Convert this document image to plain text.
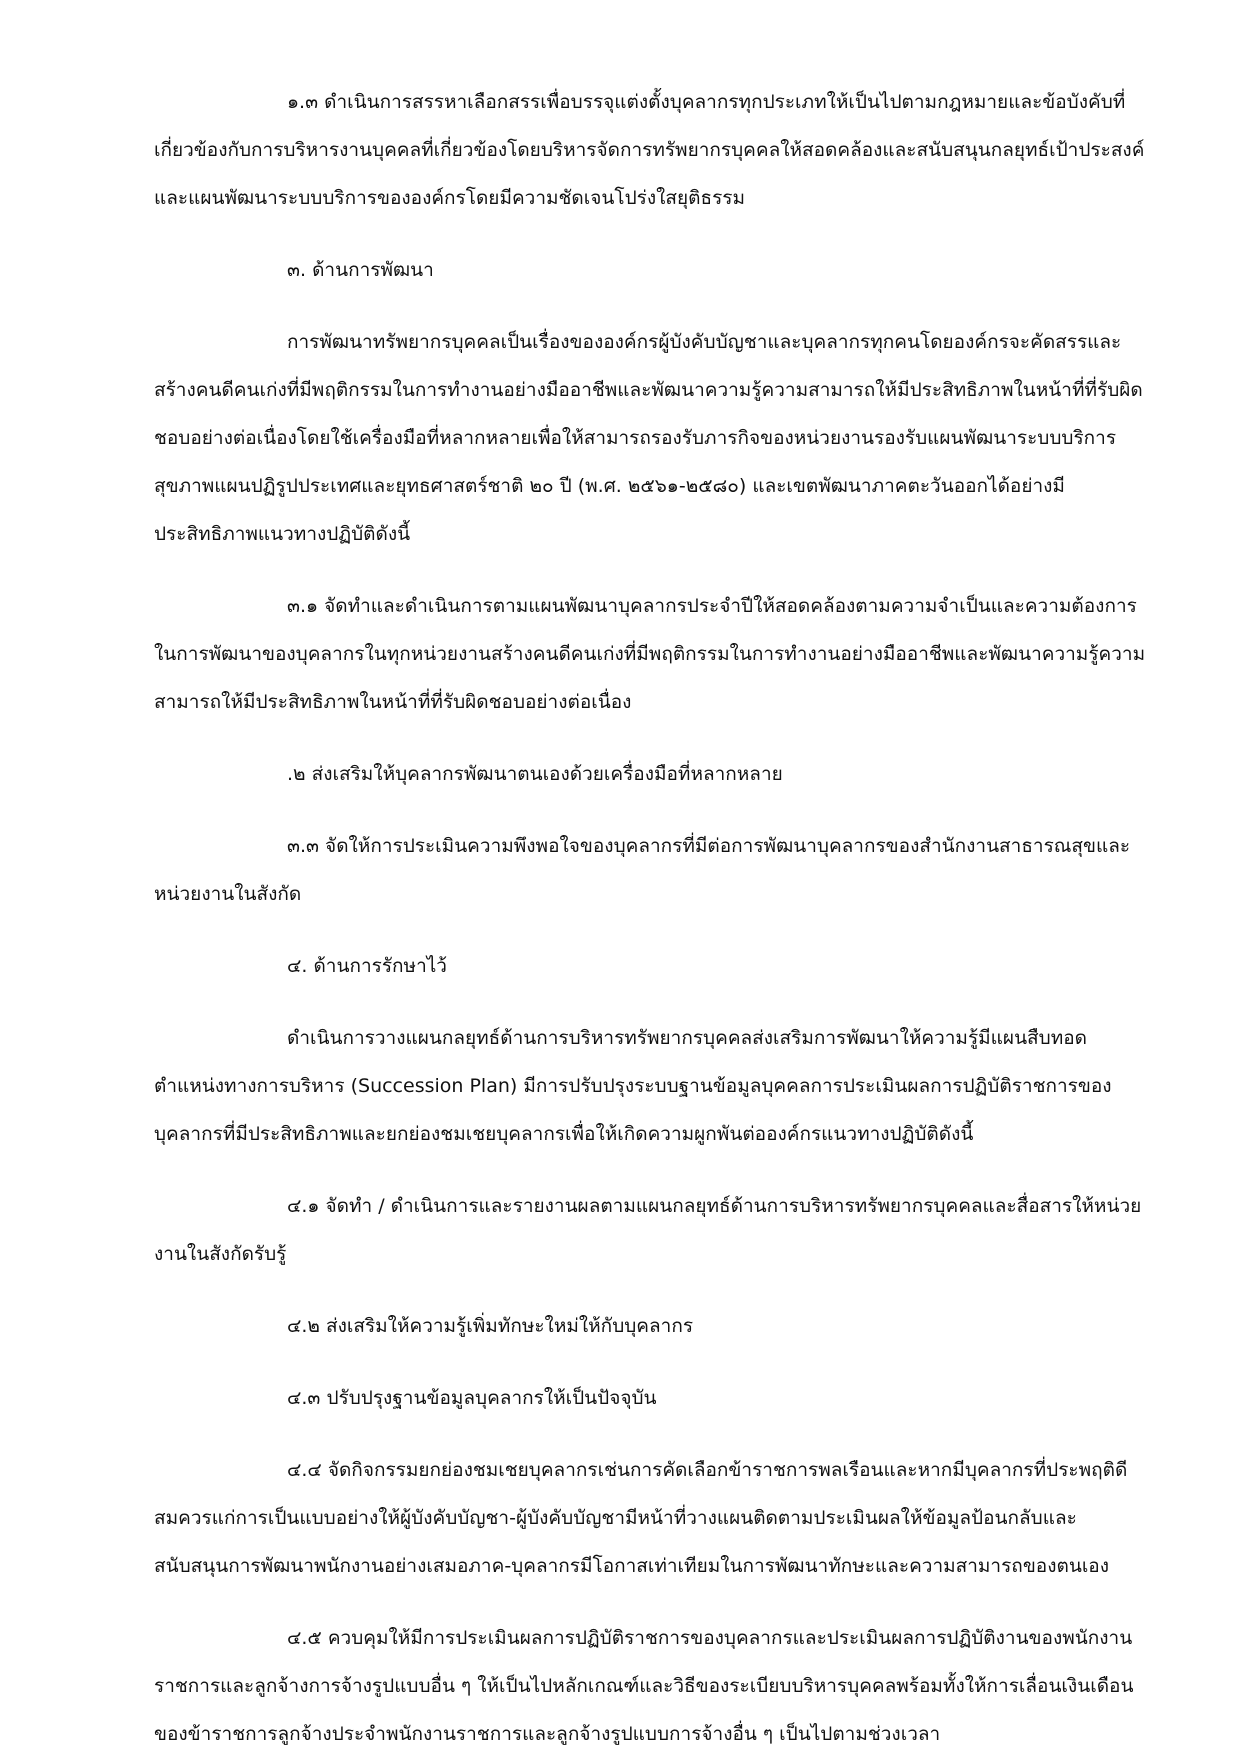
๑.๓ ดำเนินการสรรหาเลือกสรรเพื่อบรรจุแต่งตั้งบุคลากรทุกประเภทให้เป็นไปตามกฎหมายและข้อบังคับที่เกี่ยวข้องกับการบริหารงานบุคคลที่เกี่ยวข้องโดยบริหารจัดการทรัพยากรบุคคลให้สอดคล้องและสนับสนุนกลยุทธ์เป้าประสงค์และแผนพัฒนาระบบบริการขององค์กรโดยมีความชัดเจนโปร่งใสยุติธรรม

๓. ด้านการพัฒนา

การพัฒนาทรัพยากรบุคคลเป็นเรื่องขององค์กรผู้บังคับบัญชาและบุคลากรทุกคนโดยองค์กรจะคัดสรรและสร้างคนดีคนเก่งที่มีพฤติกรรมในการทำงานอย่างมืออาชีพและพัฒนาความรู้ความสามารถให้มีประสิทธิภาพในหน้าที่ที่รับผิดชอบอย่างต่อเนื่องโดยใช้เครื่องมือที่หลากหลายเพื่อให้สามารถรองรับภารกิจของหน่วยงานรองรับแผนพัฒนาระบบบริการสุขภาพแผนปฏิรูปประเทศและยุทธศาสตร์ชาติ ๒๐ ปี (พ.ศ. ๒๕๖๑-๒๕๘๐) และเขตพัฒนาภาคตะวันออกได้อย่างมีประสิทธิภาพแนวทางปฏิบัติดังนี้

๓.๑ จัดทำและดำเนินการตามแผนพัฒนาบุคลากรประจำปีให้สอดคล้องตามความจำเป็นและความต้องการในการพัฒนาของบุคลากรในทุกหน่วยงานสร้างคนดีคนเก่งที่มีพฤติกรรมในการทำงานอย่างมืออาชีพและพัฒนาความรู้ความสามารถให้มีประสิทธิภาพในหน้าที่ที่รับผิดชอบอย่างต่อเนื่อง

.๒ ส่งเสริมให้บุคลากรพัฒนาตนเองด้วยเครื่องมือที่หลากหลาย

๓.๓ จัดให้การประเมินความพึงพอใจของบุคลากรที่มีต่อการพัฒนาบุคลากรของสำนักงานสาธารณสุขและหน่วยงานในสังกัด

๔. ด้านการรักษาไว้

ดำเนินการวางแผนกลยุทธ์ด้านการบริหารทรัพยากรบุคคลส่งเสริมการพัฒนาให้ความรู้มีแผนสืบทอดตำแหน่งทางการบริหาร (Succession Plan) มีการปรับปรุงระบบฐานข้อมูลบุคคลการประเมินผลการปฏิบัติราชการของบุคลากรที่มีประสิทธิภาพและยกย่องชมเชยบุคลากรเพื่อให้เกิดความผูกพันต่อองค์กรแนวทางปฏิบัติดังนี้

๔.๑ จัดทำ / ดำเนินการและรายงานผลตามแผนกลยุทธ์ด้านการบริหารทรัพยากรบุคคลและสื่อสารให้หน่วยงานในสังกัดรับรู้

๔.๒ ส่งเสริมให้ความรู้เพิ่มทักษะใหม่ให้กับบุคลากร

๔.๓ ปรับปรุงฐานข้อมูลบุคลากรให้เป็นปัจจุบัน

๔.๔ จัดกิจกรรมยกย่องชมเชยบุคลากรเช่นการคัดเลือกข้าราชการพลเรือนและหากมีบุคลากรที่ประพฤติดีสมควรแก่การเป็นแบบอย่างให้ผู้บังคับบัญชา-ผู้บังคับบัญชามีหน้าที่วางแผนติดตามประเมินผลให้ข้อมูลป้อนกลับและสนับสนุนการพัฒนาพนักงานอย่างเสมอภาค-บุคลากรมีโอกาสเท่าเทียมในการพัฒนาทักษะและความสามารถของตนเอง

๔.๕ ควบคุมให้มีการประเมินผลการปฏิบัติราชการของบุคลากรและประเมินผลการปฏิบัติงานของพนักงานราชการและลูกจ้างการจ้างรูปแบบอื่น ๆ ให้เป็นไปหลักเกณฑ์และวิธีของระเบียบบริหารบุคคลพร้อมทั้งให้การเลื่อนเงินเดือนของข้าราชการลูกจ้างประจำพนักงานราชการและลูกจ้างรูปแบบการจ้างอื่น ๆ เป็นไปตามช่วงเวลา
